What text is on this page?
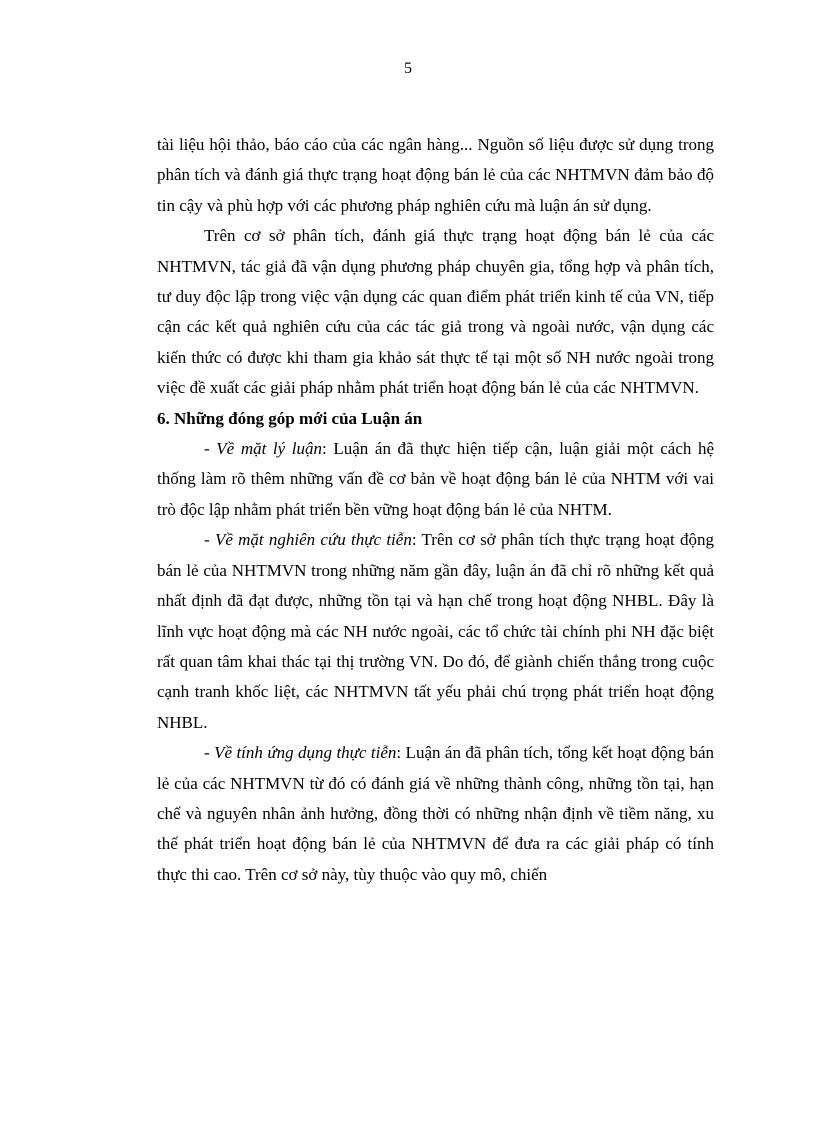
5

tài liệu hội thảo, báo cáo của các ngân hàng... Nguồn số liệu được sử dụng trong phân tích và đánh giá thực trạng hoạt động bán lẻ của các NHTMVN đảm bảo độ tin cậy và phù hợp với các phương pháp nghiên cứu mà luận án sử dụng.

Trên cơ sở phân tích, đánh giá thực trạng hoạt động bán lẻ của các NHTMVN, tác giả đã vận dụng phương pháp chuyên gia, tổng hợp và phân tích, tư duy độc lập trong việc vận dụng các quan điểm phát triển kinh tế của VN, tiếp cận các kết quả nghiên cứu của các tác giả trong và ngoài nước, vận dụng các kiến thức có được khi tham gia khảo sát thực tế tại một số NH nước ngoài trong việc đề xuất các giải pháp nhằm phát triển hoạt động bán lẻ của các NHTMVN.

6. Những đóng góp mới của Luận án

- Về mặt lý luận: Luận án đã thực hiện tiếp cận, luận giải một cách hệ thống làm rõ thêm những vấn đề cơ bản về hoạt động bán lẻ của NHTM với vai trò độc lập nhằm phát triển bền vững hoạt động bán lẻ của NHTM.

- Về mặt nghiên cứu thực tiễn: Trên cơ sở phân tích thực trạng hoạt động bán lẻ của NHTMVN trong những năm gần đây, luận án đã chỉ rõ những kết quả nhất định đã đạt được, những tồn tại và hạn chế trong hoạt động NHBL. Đây là lĩnh vực hoạt động mà các NH nước ngoài, các tổ chức tài chính phi NH đặc biệt rất quan tâm khai thác tại thị trường VN. Do đó, để giành chiến thắng trong cuộc cạnh tranh khốc liệt, các NHTMVN tất yếu phải chú trọng phát triển hoạt động NHBL.

- Về tính ứng dụng thực tiễn: Luận án đã phân tích, tổng kết hoạt động bán lẻ của các NHTMVN từ đó có đánh giá về những thành công, những tồn tại, hạn chế và nguyên nhân ảnh hưởng, đồng thời có những nhận định về tiềm năng, xu thế phát triển hoạt động bán lẻ của NHTMVN để đưa ra các giải pháp có tính thực thi cao. Trên cơ sở này, tùy thuộc vào quy mô, chiến
